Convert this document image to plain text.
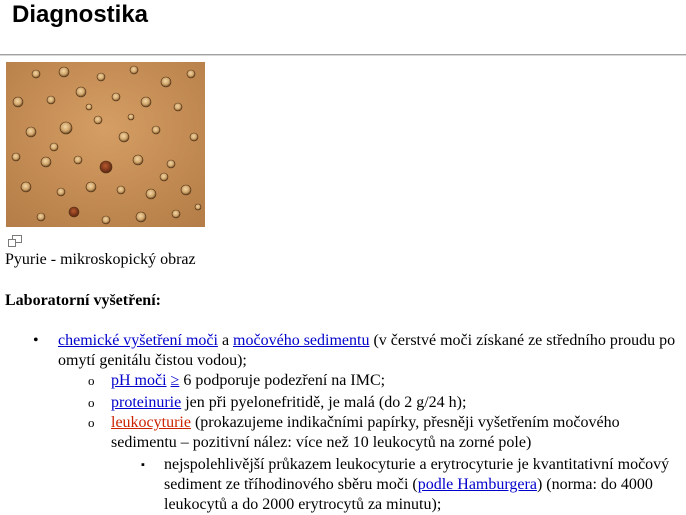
Diagnostika
Pyurie - mikroskopický obraz
Laboratorní vyšetření:
• chemické vyšetření moči a močového sedimentu (v čerstvé moči získané ze středního proudu po omytí genitálu čistou vodou);
o pH moči ≥ 6 podporuje podezření na IMC;
o proteinurie jen při pyelonefritidě, je malá (do 2 g/24 h);
o leukocyturie (prokazujeme indikačními papírky, přesněji vyšetřením močového sedimentu – pozitivní nález: více než 10 leukocytů na zorné pole)
▪ nejspolehlivější průkazem leukocyturie a erytrocyturie je kvantitativní močový sediment ze tříhodinového sběru moči (podle Hamburgera) (norma: do 4000 leukocytů a do 2000 erytrocytů za minutu);
